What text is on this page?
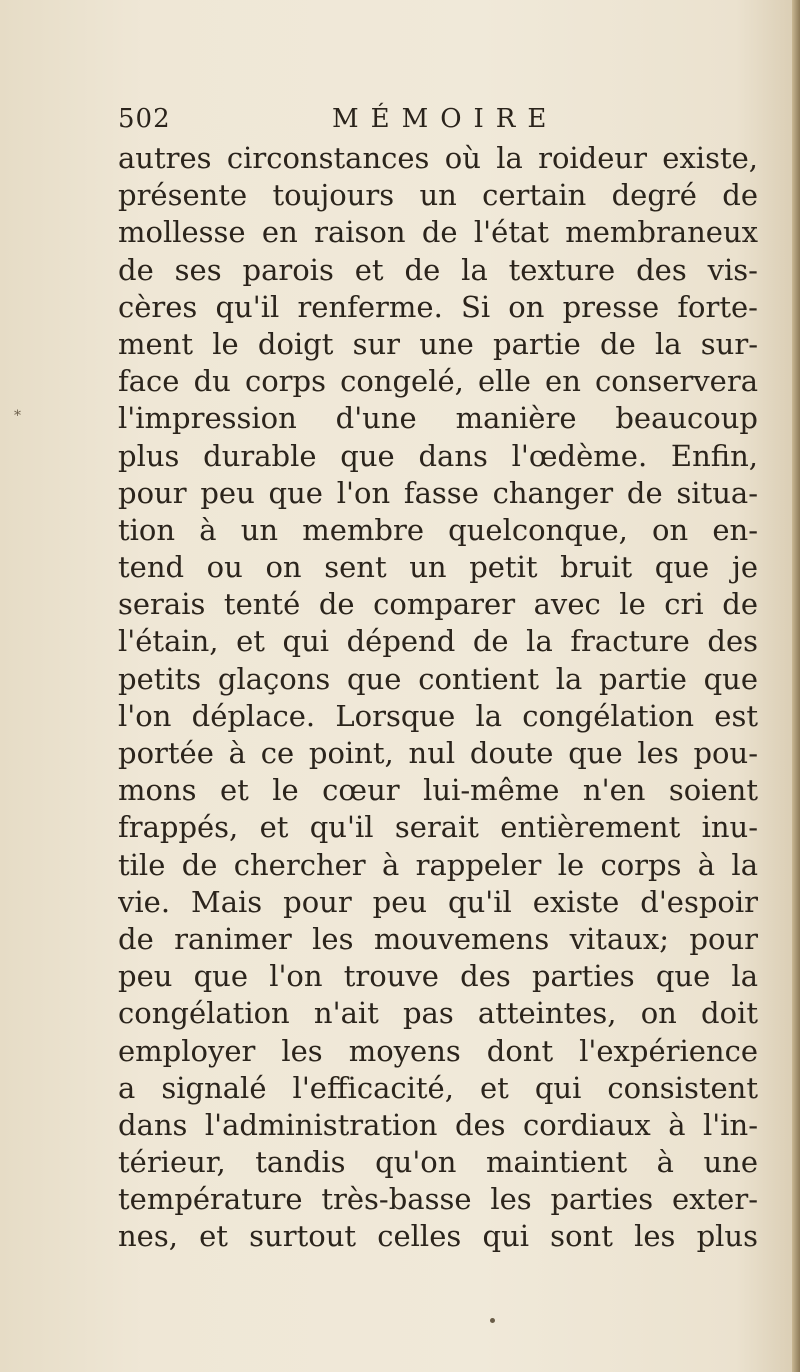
502	MÉMOIRE
*
autres circonstances où la roideur existe,
présente toujours un certain degré de
mollesse en raison de l'état membraneux
de ses parois et de la texture des vis-
cères qu'il renferme. Si on presse forte-
ment le doigt sur une partie de la sur-
face du corps congelé, elle en conservera
l'impression d'une manière beaucoup
plus durable que dans l'œdème. Enfin,
pour peu que l'on fasse changer de situa-
tion à un membre quelconque, on en-
tend ou on sent un petit bruit que je
serais tenté de comparer avec le cri de
l'étain, et qui dépend de la fracture des
petits glaçons que contient la partie que
l'on déplace. Lorsque la congélation est
portée à ce point, nul doute que les pou-
mons et le cœur lui-même n'en soient
frappés, et qu'il serait entièrement inu-
tile de chercher à rappeler le corps à la
vie. Mais pour peu qu'il existe d'espoir
de ranimer les mouvemens vitaux; pour
peu que l'on trouve des parties que la
congélation n'ait pas atteintes, on doit
employer les moyens dont l'expérience
a signalé l'efficacité, et qui consistent
dans l'administration des cordiaux à l'in-
térieur, tandis qu'on maintient à une
température très-basse les parties exter-
nes, et surtout celles qui sont les plus
